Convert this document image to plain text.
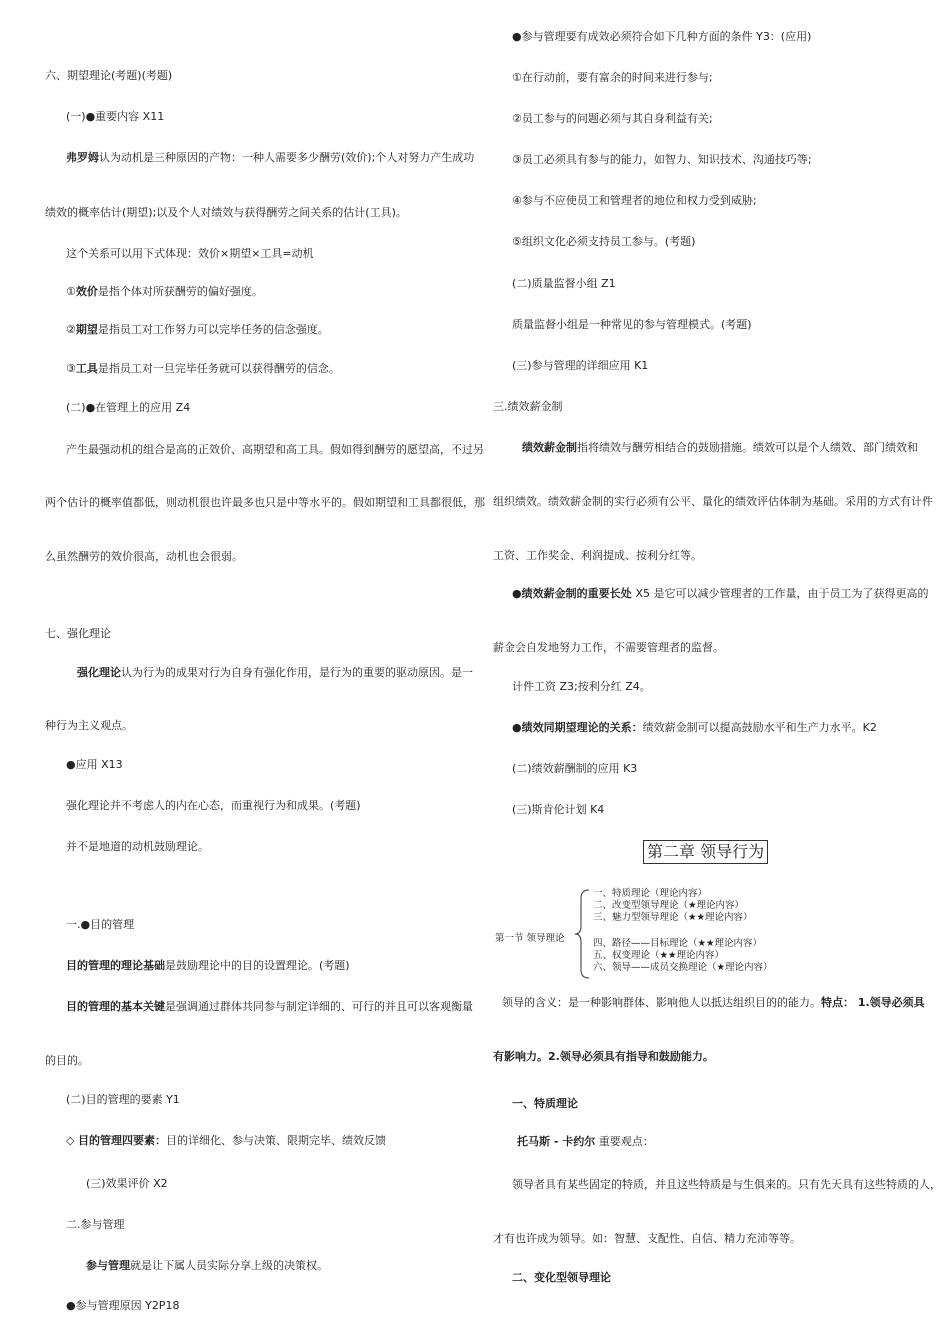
六、期望理论(考题)(考题)
(一)●重要内容 X11
弗罗姆认为动机是三种原因的产物：一种人需要多少酬劳(效价);个人对努力产生成功
绩效的概率估计(期望);以及个人对绩效与获得酬劳之间关系的估计(工具)。
这个关系可以用下式体现：效价×期望×工具=动机
①效价是指个体对所获酬劳的偏好强度。
②期望是指员工对工作努力可以完毕任务的信念强度。
③工具是指员工对一旦完毕任务就可以获得酬劳的信念。
(二)●在管理上的应用 Z4
产生最强动机的组合是高的正效价、高期望和高工具。假如得到酬劳的愿望高，不过另
两个估计的概率值都低，则动机很也许最多也只是中等水平的。假如期望和工具都很低，那
么虽然酬劳的效价很高，动机也会很弱。
七、强化理论
强化理论认为行为的成果对行为自身有强化作用，是行为的重要的驱动原因。是一
种行为主义观点。
●应用 X13
强化理论并不考虑人的内在心态，而重视行为和成果。(考题)
并不是地道的动机鼓励理论。
一.●目的管理
目的管理的理论基础是鼓励理论中的目的设置理论。(考题)
目的管理的基本关键是强调通过群体共同参与制定详细的、可行的并且可以客观衡量
的目的。
(二)目的管理的要素 Y1
◇ 目的管理四要素：目的详细化、参与决策、限期完毕、绩效反馈
(三)效果评价 X2
二.参与管理
参与管理就是让下属人员实际分享上级的决策权。
●参与管理原因 Y2P18
●参与管理要有成效必须符合如下几种方面的条件 Y3：(应用)
①在行动前，要有富余的时间来进行参与;
②员工参与的问题必须与其自身利益有关;
③员工必须具有参与的能力，如智力、知识技术、沟通技巧等;
④参与不应使员工和管理者的地位和权力受到威胁;
⑤组织文化必须支持员工参与。(考题)
(二)质量监督小组 Z1
质量监督小组是一种常见的参与管理模式。(考题)
(三)参与管理的详细应用 K1
三.绩效薪金制
绩效薪金制指将绩效与酬劳相结合的鼓励措施。绩效可以是个人绩效、部门绩效和
组织绩效。绩效薪金制的实行必须有公平、量化的绩效评估体制为基础。采用的方式有计件
工资、工作奖金、利润提成、按利分红等。
●绩效薪金制的重要长处 X5 是它可以减少管理者的工作量，由于员工为了获得更高的
薪金会自发地努力工作，不需要管理者的监督。
计件工资 Z3;按利分红 Z4。
●绩效同期望理论的关系：绩效薪金制可以提高鼓励水平和生产力水平。K2
(二)绩效薪酬制的应用 K3
(三)斯肯伦计划 K4
第二章 领导行为
第一节 领导理论
一、特质理论（理论内容）
二、改变型领导理论（★理论内容）
三、魅力型领导理论（★★理论内容）
四、路径——目标理论（★★理论内容）
五、权变理论（★★理论内容）
六、领导——成员交换理论（★理论内容）
领导的含义：是一种影响群体、影响他人以抵达组织目的的能力。特点： 1.领导必须具
有影响力。2.领导必须具有指导和鼓励能力。
一、特质理论
托马斯 - 卡约尔 重要观点：
领导者具有某些固定的特质，并且这些特质是与生俱来的。只有先天具有这些特质的人，
才有也许成为领导。如：智慧、支配性、自信、精力充沛等等。
二、变化型领导理论
